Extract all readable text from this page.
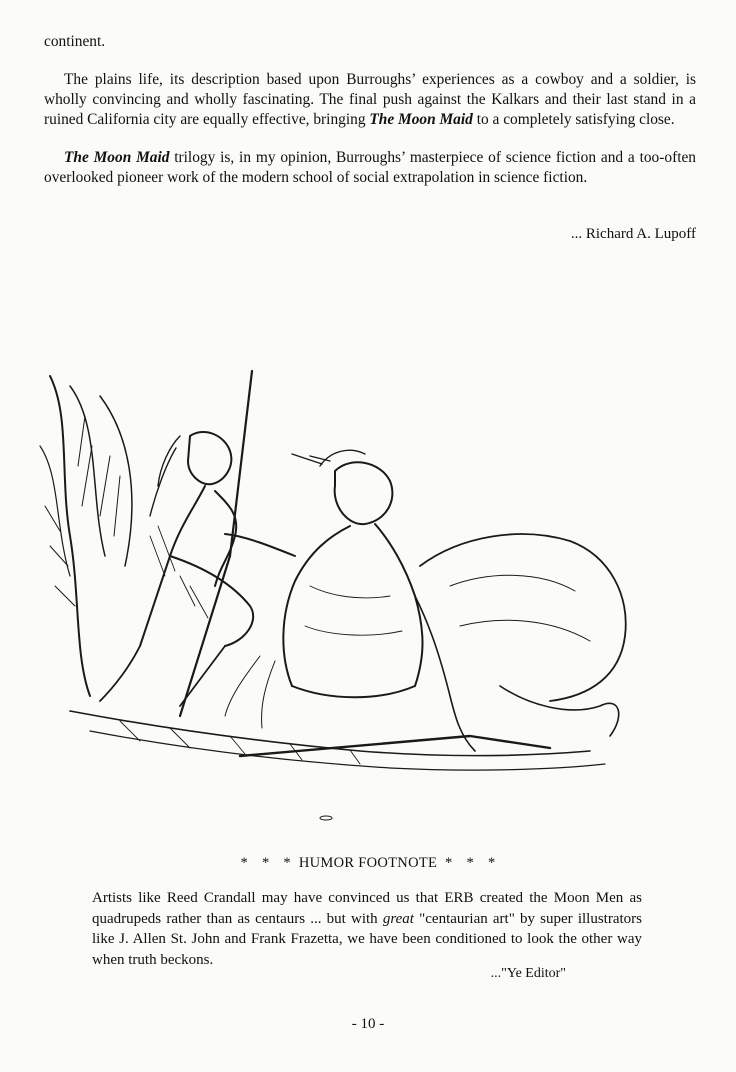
continent.

The plains life, its description based upon Burroughs’ experiences as a cowboy and a soldier, is wholly convincing and wholly fascinating. The final push against the Kalkars and their last stand in a ruined California city are equally effective, bringing The Moon Maid to a completely satisfying close.

The Moon Maid trilogy is, in my opinion, Burroughs’ masterpiece of science fiction and a too-often overlooked pioneer work of the modern school of social extrapolation in science fiction.

... Richard A. Lupoff
* * * HUMOR FOOTNOTE * * *

Artists like Reed Crandall may have convinced us that ERB created the Moon Men as quadrupeds rather than as centaurs ... but with great "centaurian art" by super illustrators like J. Allen St. John and Frank Frazetta, we have been conditioned to look the other way when truth beckons.

..."Ye Editor"
- 10 -
